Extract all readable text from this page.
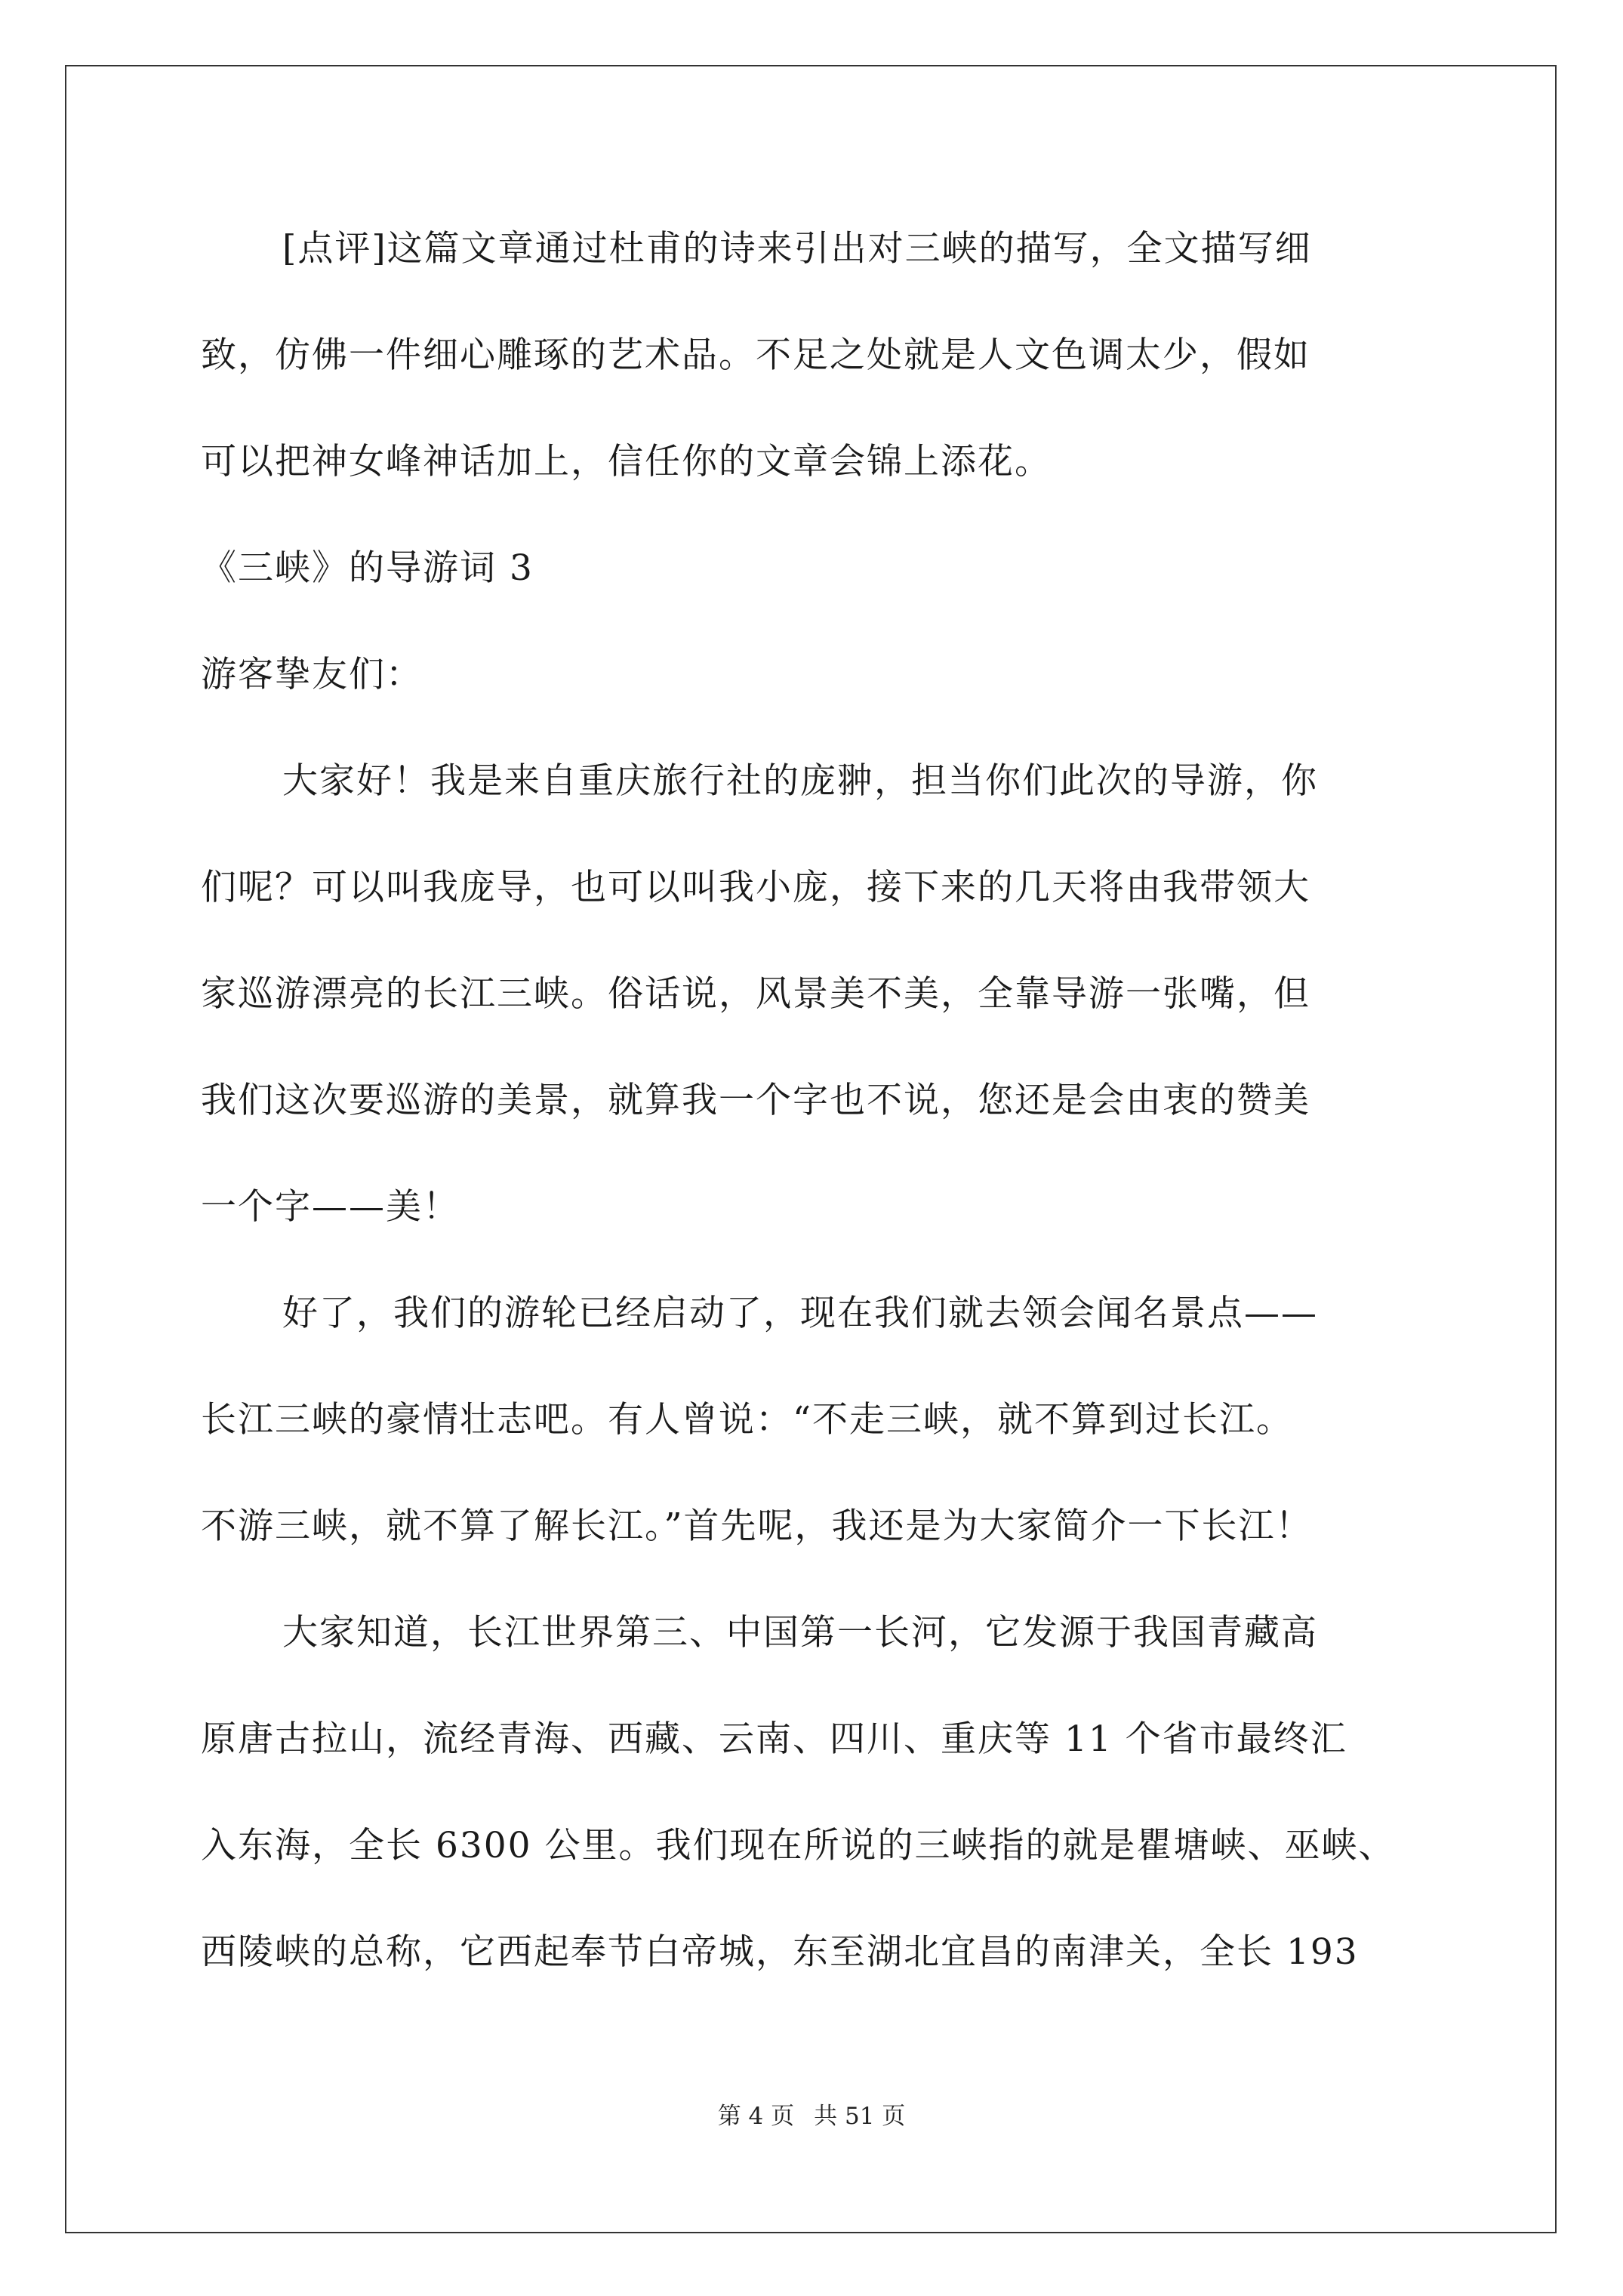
[点评]这篇文章通过杜甫的诗来引出对三峡的描写，全文描写细
致，仿佛一件细心雕琢的艺术品。不足之处就是人文色调太少，假如
可以把神女峰神话加上，信任你的文章会锦上添花。
《三峡》的导游词 3
游客挚友们：
大家好！我是来自重庆旅行社的庞翀，担当你们此次的导游，你
们呢？可以叫我庞导，也可以叫我小庞，接下来的几天将由我带领大
家巡游漂亮的长江三峡。俗话说，风景美不美，全靠导游一张嘴，但
我们这次要巡游的美景，就算我一个字也不说，您还是会由衷的赞美
一个字——美！
好了，我们的游轮已经启动了，现在我们就去领会闻名景点——
长江三峡的豪情壮志吧。有人曾说：“不走三峡，就不算到过长江。
不游三峡，就不算了解长江。”首先呢，我还是为大家简介一下长江！
大家知道，长江世界第三、中国第一长河，它发源于我国青藏高
原唐古拉山，流经青海、西藏、云南、四川、重庆等 11 个省市最终汇
入东海，全长 6300 公里。我们现在所说的三峡指的就是瞿塘峡、巫峡、
西陵峡的总称，它西起奉节白帝城，东至湖北宜昌的南津关，全长 193
第 4 页 共 51 页
